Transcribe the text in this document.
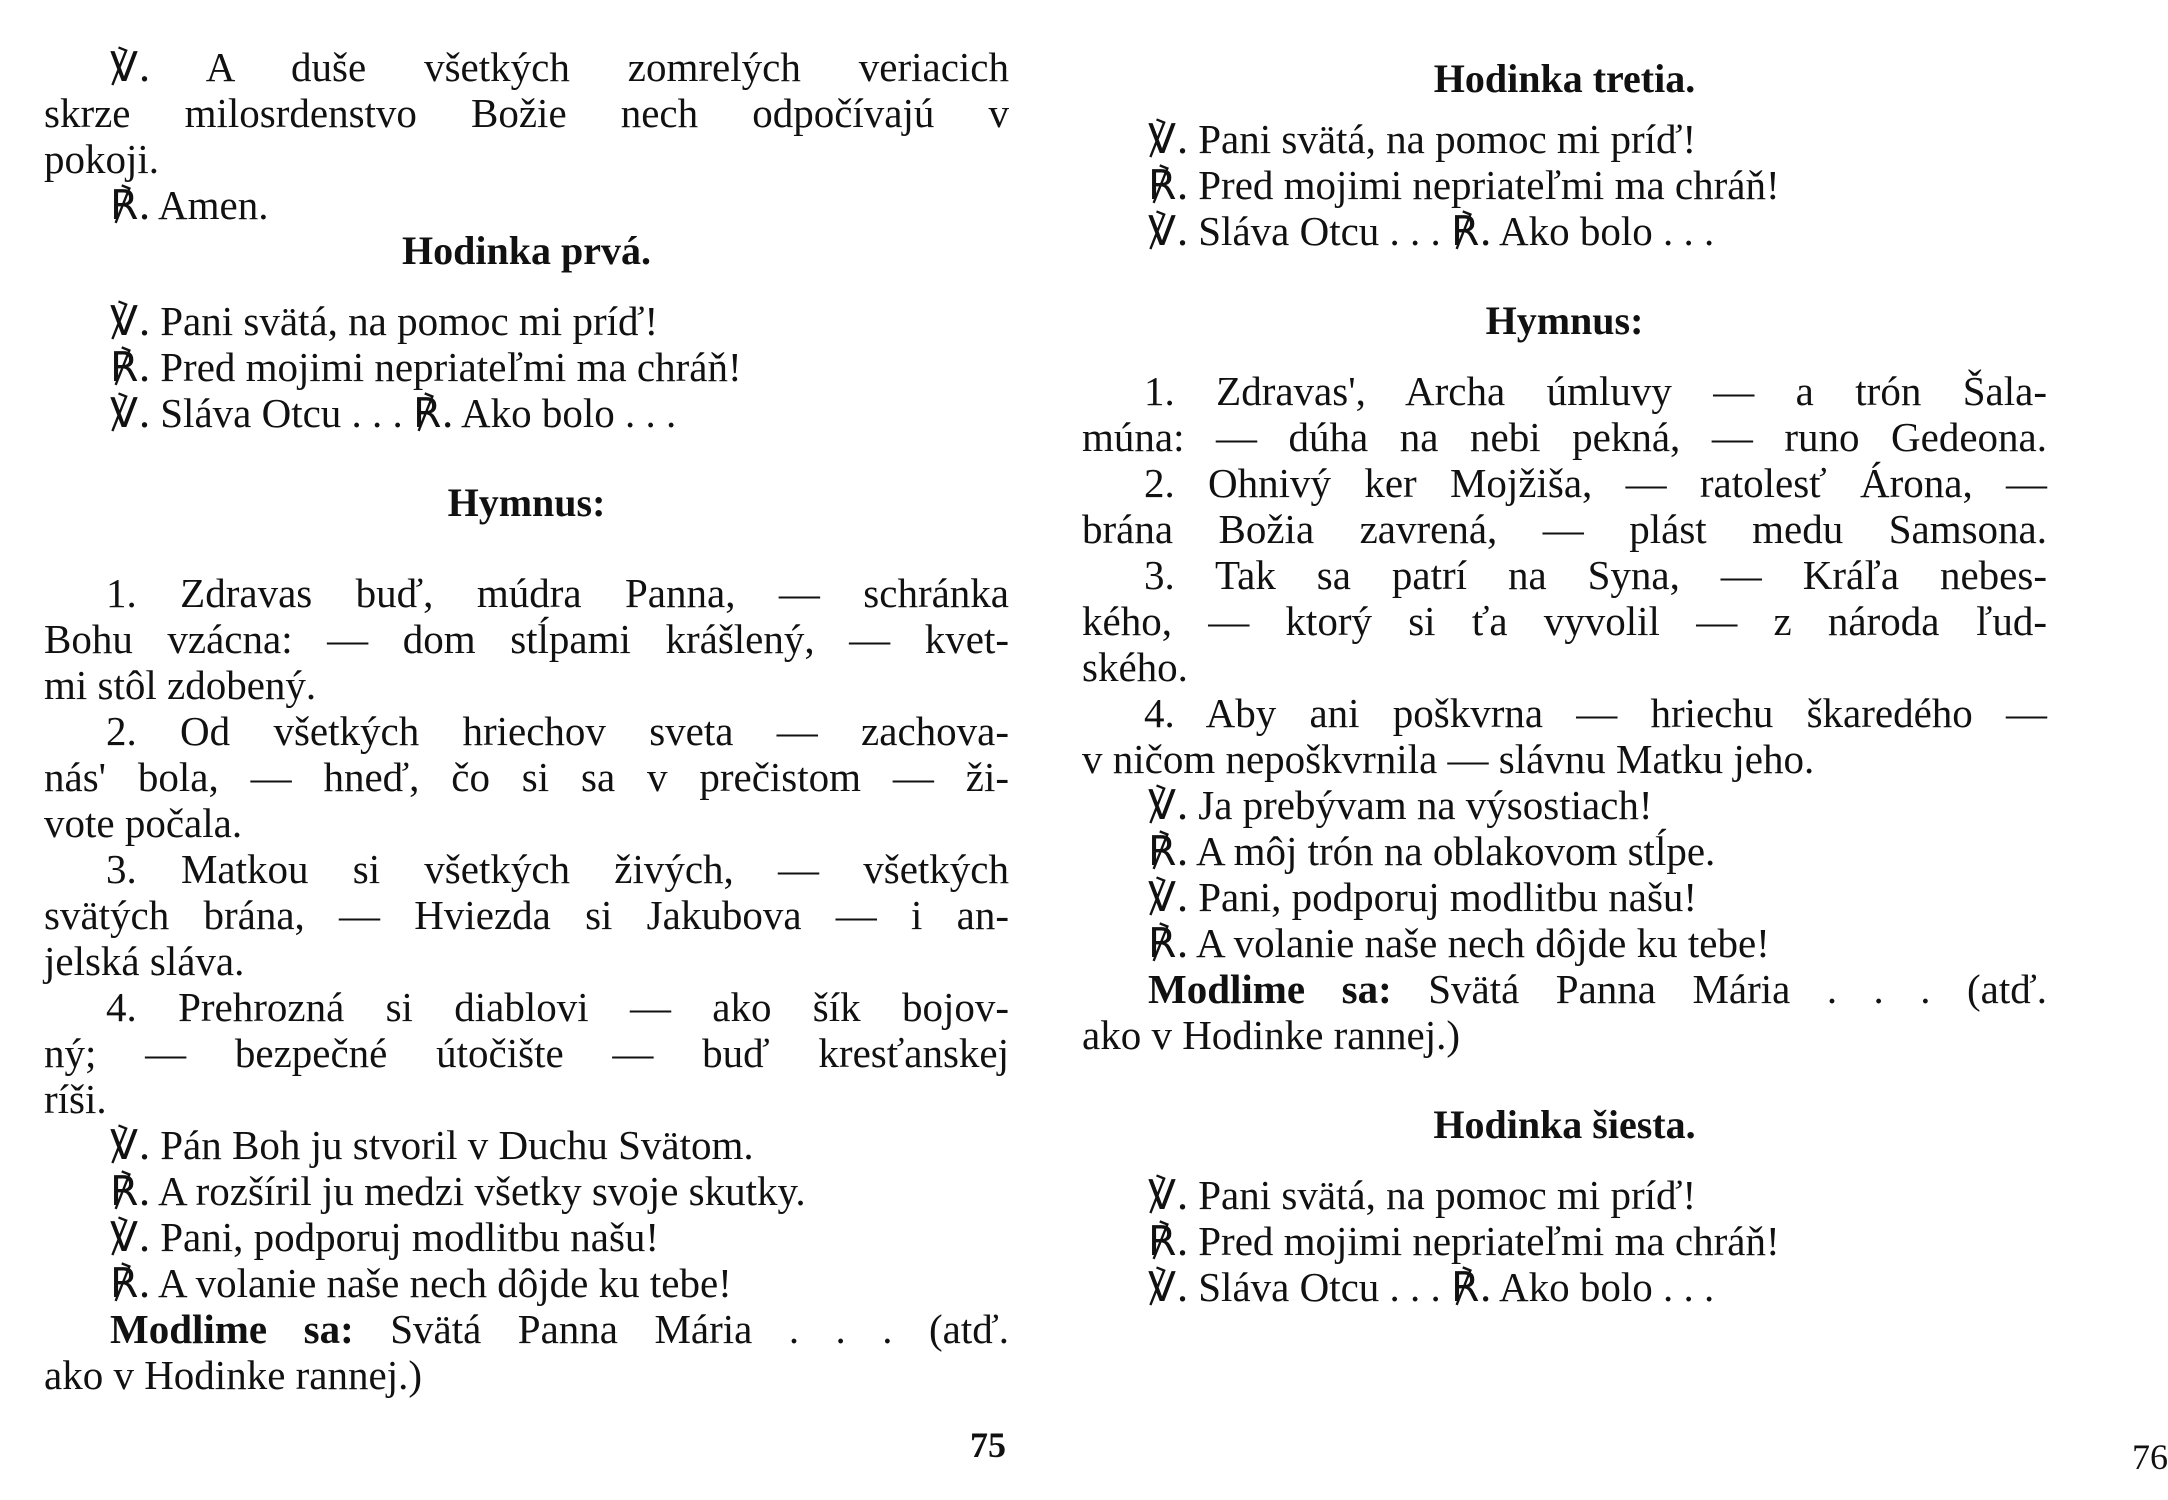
℣. A duše všetkých zomrelých veriacich
skrze milosrdenstvo Božie nech odpočívajú v
pokoji.
℟. Amen.
Hodinka prvá.
℣. Pani svätá, na pomoc mi príď!
℟. Pred mojimi nepriateľmi ma chráň!
℣. Sláva Otcu . . . ℟. Ako bolo . . .
Hymnus:
1. Zdravas buď, múdra Panna, — schránka
Bohu vzácna: — dom stĺpami krášlený, — kvet-
mi stôl zdobený.
2. Od všetkých hriechov sveta — zachova-
nás' bola, — hneď, čo si sa v prečistom — ži-
vote počala.
3. Matkou si všetkých živých, — všetkých
svätých brána, — Hviezda si Jakubova — i an-
jelská sláva.
4. Prehrozná si diablovi — ako šík bojov-
ný; — bezpečné útočište — buď kresťanskej
ríši.
℣. Pán Boh ju stvoril v Duchu Svätom.
℟. A rozšíril ju medzi všetky svoje skutky.
℣. Pani, podporuj modlitbu našu!
℟. A volanie naše nech dôjde ku tebe!
Modlime sa: Svätá Panna Mária . . . (atď.
ako v Hodinke rannej.)
75
Hodinka tretia.
℣. Pani svätá, na pomoc mi príď!
℟. Pred mojimi nepriateľmi ma chráň!
℣. Sláva Otcu . . . ℟. Ako bolo . . .
Hymnus:
1. Zdravas', Archa úmluvy — a trón Šala-
múna: — dúha na nebi pekná, — runo Gedeona.
2. Ohnivý ker Mojžiša, — ratolesť Árona, —
brána Božia zavrená, — plást medu Samsona.
3. Tak sa patrí na Syna, — Kráľa nebes-
kého, — ktorý si ťa vyvolil — z národa ľud-
ského.
4. Aby ani poškvrna — hriechu škaredého —
v ničom nepoškvrnila — slávnu Matku jeho.
℣. Ja prebývam na výsostiach!
℟. A môj trón na oblakovom stĺpe.
℣. Pani, podporuj modlitbu našu!
℟. A volanie naše nech dôjde ku tebe!
Modlime sa: Svätá Panna Mária . . . (atď.
ako v Hodinke rannej.)
Hodinka šiesta.
℣. Pani svätá, na pomoc mi príď!
℟. Pred mojimi nepriateľmi ma chráň!
℣. Sláva Otcu . . . ℟. Ako bolo . . .
76
